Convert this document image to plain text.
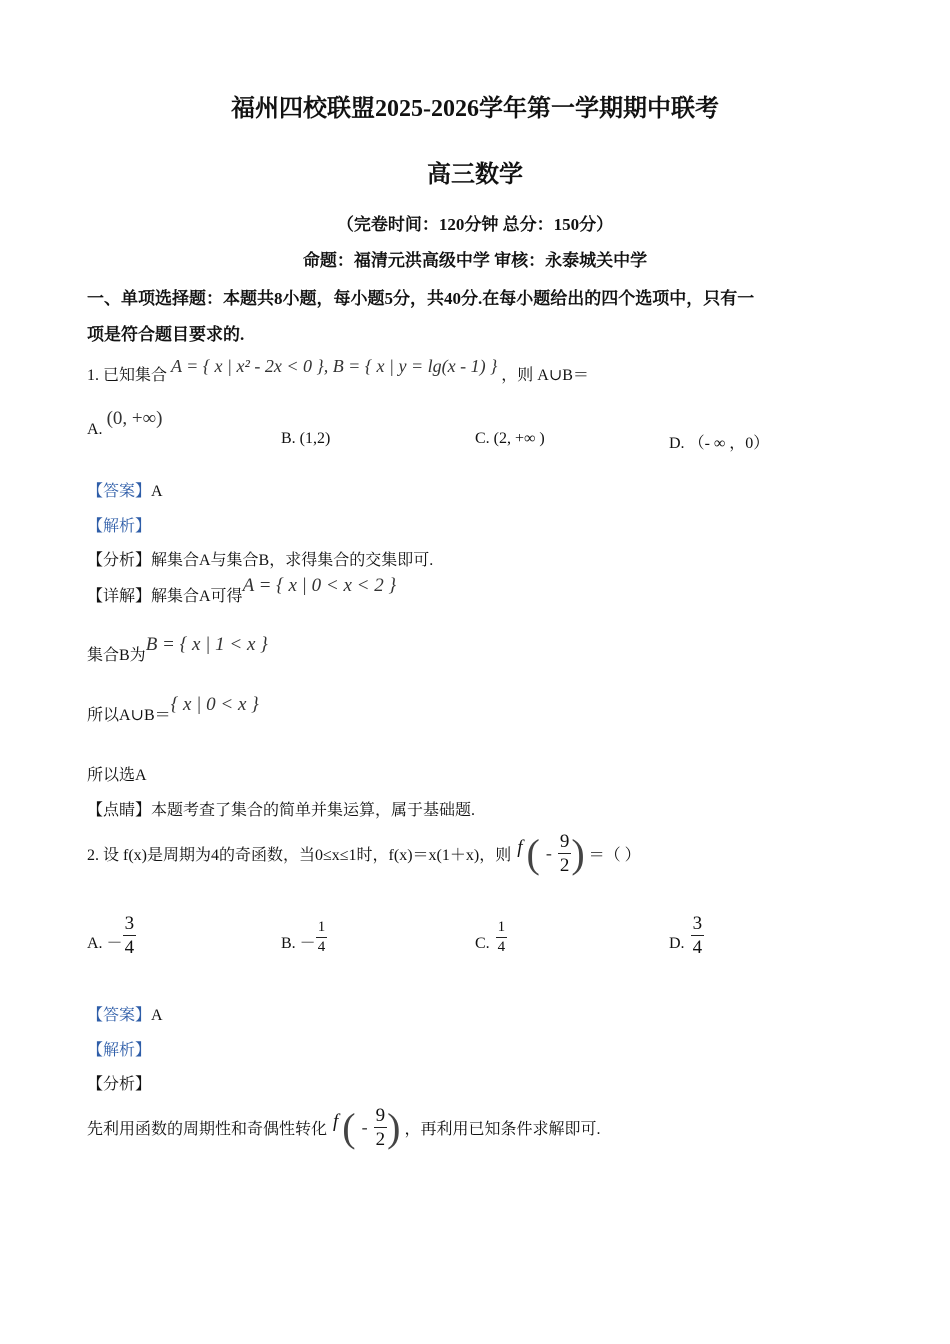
福州四校联盟2025-2026学年第一学期期中联考
高三数学
（完卷时间：120分钟 总分：150分）
命题：福清元洪高级中学 审核：永泰城关中学
一、单项选择题：本题共8小题，每小题5分，共40分.在每小题给出的四个选项中，只有一
项是符合题目要求的.
1. 已知集合 A = { x | x² - 2x < 0 }, B = { x | y = lg(x - 1) } ，则 A∪B＝
A. (0, +∞)
B. (1,2)	C. (2, +∞ )	D. （- ∞ ，0）
【答案】A
【解析】
【分析】解集合A与集合B，求得集合的交集即可.
【详解】解集合A可得A = { x | 0 < x < 2 }
集合B为B = { x | 1 < x }
所以A∪B＝{ x | 0 < x }
所以选A
【点睛】本题考查了集合的简单并集运算，属于基础题.
2. 设 f(x)是周期为4的奇函数，当0≤x≤1时，f(x)＝x(1＋x)，则 f ( - $\frac{9}{2}$ ) ＝（ ）
A. － $\frac{3}{4}$	B. － $\frac{1}{4}$	C. $\frac{1}{4}$	D. $\frac{3}{4}$
【答案】A
【解析】
【分析】
先利用函数的周期性和奇偶性转化 f ( - $\frac{9}{2}$ ) ，再利用已知条件求解即可.
